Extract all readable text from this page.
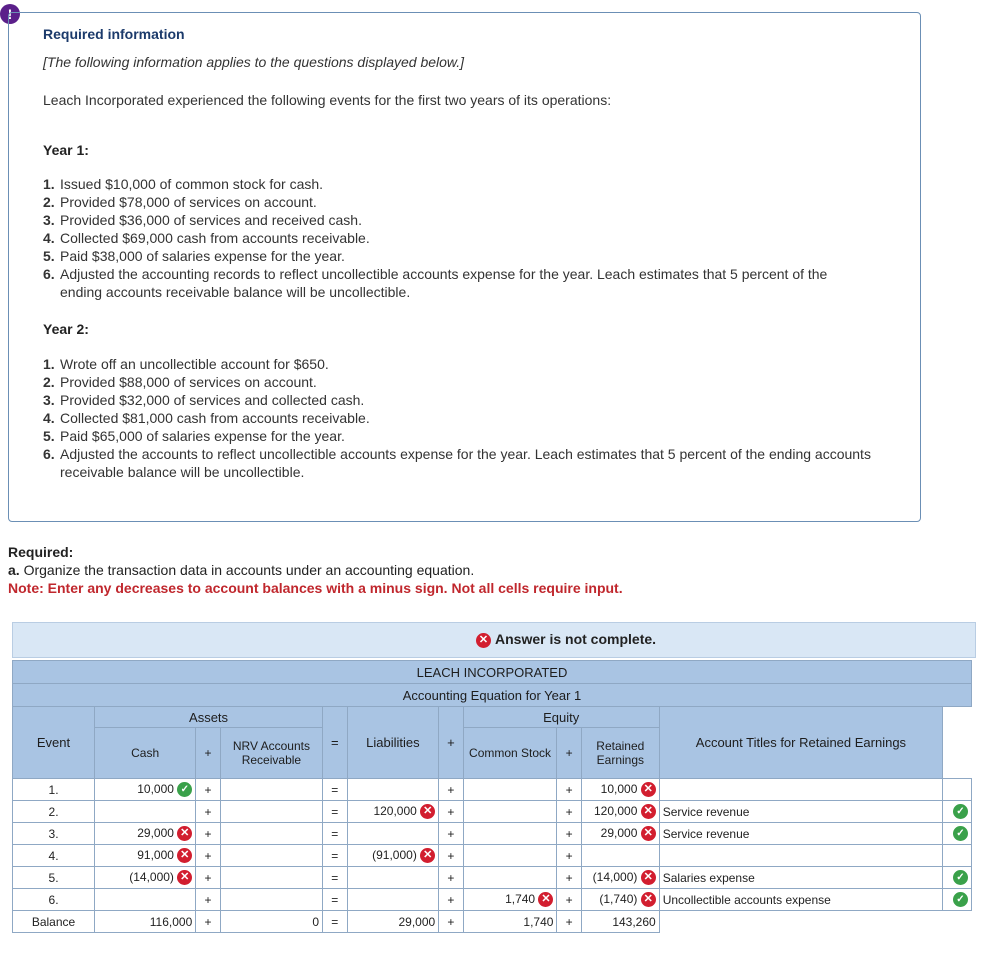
!
Required information
[The following information applies to the questions displayed below.]
Leach Incorporated experienced the following events for the first two years of its operations:
Year 1:
1. Issued $10,000 of common stock for cash.
2. Provided $78,000 of services on account.
3. Provided $36,000 of services and received cash.
4. Collected $69,000 cash from accounts receivable.
5. Paid $38,000 of salaries expense for the year.
6. Adjusted the accounting records to reflect uncollectible accounts expense for the year. Leach estimates that 5 percent of the ending accounts receivable balance will be uncollectible.
Year 2:
1. Wrote off an uncollectible account for $650.
2. Provided $88,000 of services on account.
3. Provided $32,000 of services and collected cash.
4. Collected $81,000 cash from accounts receivable.
5. Paid $65,000 of salaries expense for the year.
6. Adjusted the accounts to reflect uncollectible accounts expense for the year. Leach estimates that 5 percent of the ending accounts receivable balance will be uncollectible.
Required:
a. Organize the transaction data in accounts under an accounting equation.
Note: Enter any decreases to account balances with a minus sign. Not all cells require input.
✕ Answer is not complete.
LEACH INCORPORATED											
Accounting Equation for Year 1											
Event	Assets			=	Liabilities	+	Equity			Account Titles for Retained Earnings	
	Cash	+	NRV Accounts Receivable				Common Stock	+	Retained Earnings		
1.	10,000 ✓	+		=		+		+	10,000 ✕		
2.		+		=	120,000 ✕	+		+	120,000 ✕	Service revenue	✓
3.	29,000 ✕	+		=		+		+	29,000 ✕	Service revenue	✓
4.	91,000 ✕	+		=	(91,000) ✕	+		+			
5.	(14,000) ✕	+		=		+		+	(14,000) ✕	Salaries expense	✓
6.		+		=		+	1,740 ✕	+	(1,740) ✕	Uncollectible accounts expense	✓
Balance	116,000	+	0	=	29,000	+	1,740	+	143,260		
